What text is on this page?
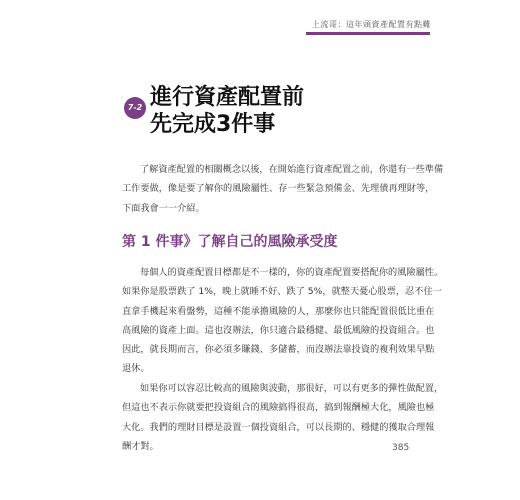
上流哥：這年頭資產配置有點難
7-2 進行資產配置前
先完成3件事
了解資產配置的相關概念以後，在開始進行資產配置之前，你還有一些準備
工作要做，像是要了解你的風險屬性、存一些緊急預備金、先理債再理財等，
下面我會一一介紹。
第 1 件事》了解自己的風險承受度
每個人的資產配置目標都是不一樣的，你的資產配置要搭配你的風險屬性。
如果你是股票跌了 1%，晚上就睡不好、跌了 5%，就整天憂心股票，忍不住一
直拿手機起來看盤勢，這種不能承擔風險的人，那麼你也只能配置很低比重在
高風險的資產上面。這也沒辦法，你只適合最穩健、最低風險的投資組合。也
因此，就長期而言，你必須多賺錢、多儲蓄，而沒辦法靠投資的複利效果早點
退休。
如果你可以容忍比較高的風險與波動，那很好，可以有更多的彈性做配置，
但這也不表示你就要把投資組合的風險搞得很高，搞到報酬極大化，風險也極
大化。我們的理財目標是設置一個投資組合，可以長期的、穩健的獲取合理報
酬才對。	385
